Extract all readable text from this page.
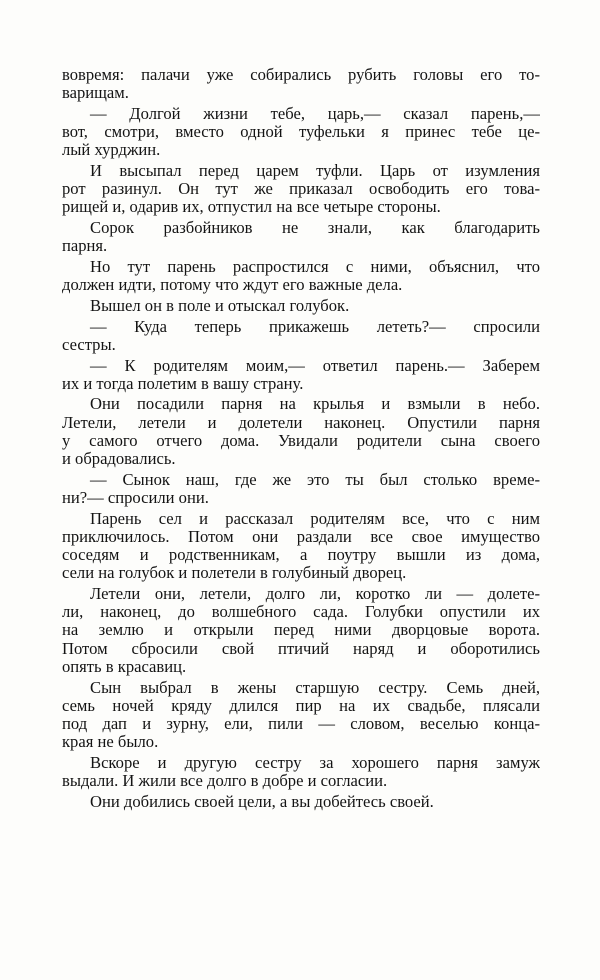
вовремя: палачи уже собирались рубить головы его то-
варищам.
— Долгой жизни тебе, царь,— сказал парень,—
вот, смотри, вместо одной туфельки я принес тебе це-
лый хурджин.
И высыпал перед царем туфли. Царь от изумления
рот разинул. Он тут же приказал освободить его това-
рищей и, одарив их, отпустил на все четыре стороны.
Сорок разбойников не знали, как благодарить
парня.
Но тут парень распростился с ними, объяснил, что
должен идти, потому что ждут его важные дела.
Вышел он в поле и отыскал голубок.
— Куда теперь прикажешь лететь?— спросили
сестры.
— К родителям моим,— ответил парень.— Заберем
их и тогда полетим в вашу страну.
Они посадили парня на крылья и взмыли в небо.
Летели, летели и долетели наконец. Опустили парня
у самого отчего дома. Увидали родители сына своего
и обрадовались.
— Сынок наш, где же это ты был столько време-
ни?— спросили они.
Парень сел и рассказал родителям все, что с ним
приключилось. Потом они раздали все свое имущество
соседям и родственникам, а поутру вышли из дома,
сели на голубок и полетели в голубиный дворец.
Летели они, летели, долго ли, коротко ли — долете-
ли, наконец, до волшебного сада. Голубки опустили их
на землю и открыли перед ними дворцовые ворота.
Потом сбросили свой птичий наряд и оборотились
опять в красавиц.
Сын выбрал в жены старшую сестру. Семь дней,
семь ночей кряду длился пир на их свадьбе, плясали
под дап и зурну, ели, пили — словом, веселью конца-
края не было.
Вскоре и другую сестру за хорошего парня замуж
выдали. И жили все долго в добре и согласии.
Они добились своей цели, а вы добейтесь своей.
